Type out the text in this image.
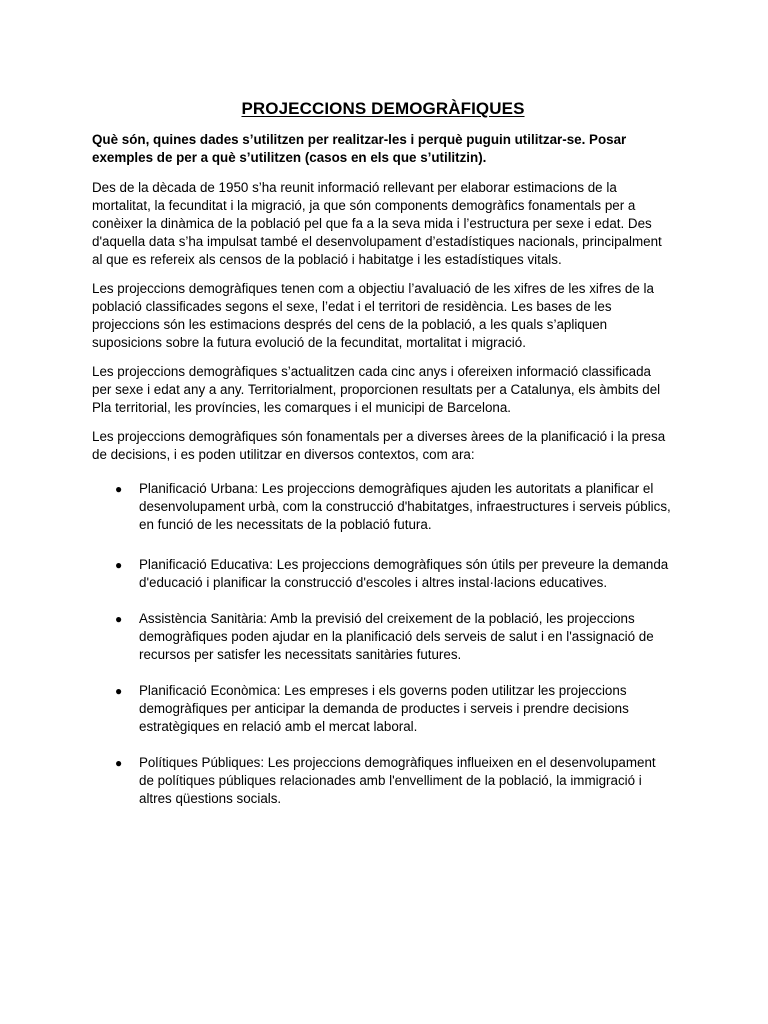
PROJECCIONS DEMOGRÀFIQUES

Què són, quines dades s’utilitzen per realitzar-les i perquè puguin utilitzar-se. Posar exemples de per a què s’utilitzen (casos en els que s’utilitzin).

Des de la dècada de 1950 s’ha reunit informació rellevant per elaborar estimacions de la mortalitat, la fecunditat i la migració, ja que són components demogràfics fonamentals per a conèixer la dinàmica de la població pel que fa a la seva mida i l’estructura per sexe i edat. Des d'aquella data s’ha impulsat també el desenvolupament d’estadístiques nacionals, principalment al que es refereix als censos de la població i habitatge i les estadístiques vitals.

Les projeccions demogràfiques tenen com a objectiu l’avaluació de les xifres de les xifres de la població classificades segons el sexe, l’edat i el territori de residència. Les bases de les projeccions són les estimacions després del cens de la població, a les quals s’apliquen suposicions sobre la futura evolució de la fecunditat, mortalitat i migració.

Les projeccions demogràfiques s’actualitzen cada cinc anys i ofereixen informació classificada per sexe i edat any a any. Territorialment, proporcionen resultats per a Catalunya, els àmbits del Pla territorial, les províncies, les comarques i el municipi de Barcelona.

Les projeccions demogràfiques són fonamentals per a diverses àrees de la planificació i la presa de decisions, i es poden utilitzar en diversos contextos, com ara:

● Planificació Urbana: Les projeccions demogràfiques ajuden les autoritats a planificar el desenvolupament urbà, com la construcció d'habitatges, infraestructures i serveis públics, en funció de les necessitats de la població futura.
● Planificació Educativa: Les projeccions demogràfiques són útils per preveure la demanda d'educació i planificar la construcció d'escoles i altres instal·lacions educatives.
● Assistència Sanitària: Amb la previsió del creixement de la població, les projeccions demogràfiques poden ajudar en la planificació dels serveis de salut i en l'assignació de recursos per satisfer les necessitats sanitàries futures.
● Planificació Econòmica: Les empreses i els governs poden utilitzar les projeccions demogràfiques per anticipar la demanda de productes i serveis i prendre decisions estratègiques en relació amb el mercat laboral.
● Polítiques Públiques: Les projeccions demogràfiques influeixen en el desenvolupament de polítiques públiques relacionades amb l'envelliment de la població, la immigració i altres qüestions socials.
